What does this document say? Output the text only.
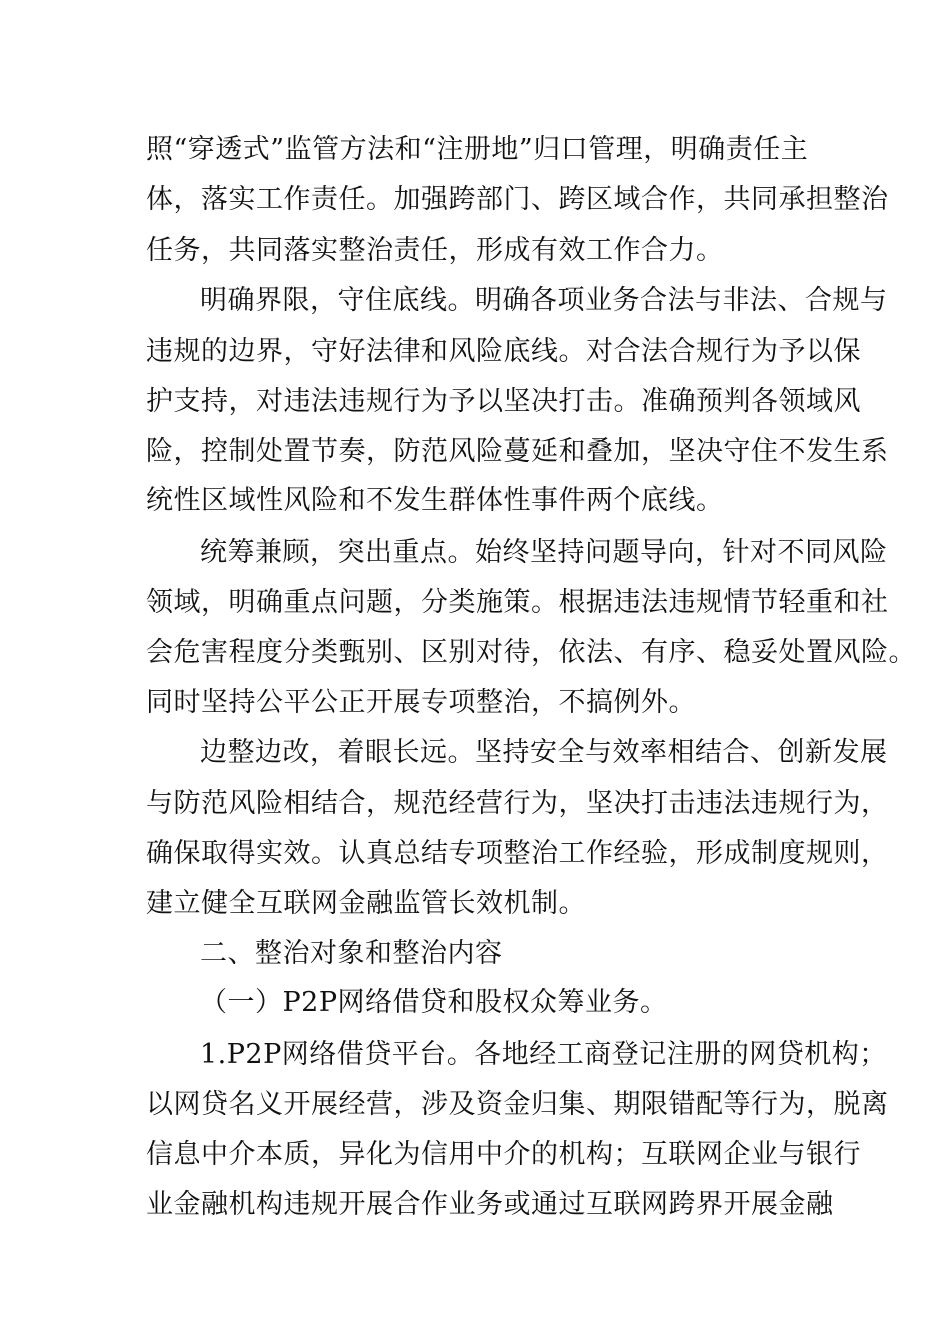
照“穿透式”监管方法和“注册地”归口管理，明确责任主
体，落实工作责任。加强跨部门、跨区域合作，共同承担整治
任务，共同落实整治责任，形成有效工作合力。
明确界限，守住底线。明确各项业务合法与非法、合规与
违规的边界，守好法律和风险底线。对合法合规行为予以保
护支持，对违法违规行为予以坚决打击。准确预判各领域风
险，控制处置节奏，防范风险蔓延和叠加，坚决守住不发生系
统性区域性风险和不发生群体性事件两个底线。
统筹兼顾，突出重点。始终坚持问题导向，针对不同风险
领域，明确重点问题，分类施策。根据违法违规情节轻重和社
会危害程度分类甄别、区别对待，依法、有序、稳妥处置风险。
同时坚持公平公正开展专项整治，不搞例外。
边整边改，着眼长远。坚持安全与效率相结合、创新发展
与防范风险相结合，规范经营行为，坚决打击违法违规行为，
确保取得实效。认真总结专项整治工作经验，形成制度规则，
建立健全互联网金融监管长效机制。
二、整治对象和整治内容
（一）P2P网络借贷和股权众筹业务。
1.P2P网络借贷平台。各地经工商登记注册的网贷机构；
以网贷名义开展经营，涉及资金归集、期限错配等行为，脱离
信息中介本质，异化为信用中介的机构；互联网企业与银行
业金融机构违规开展合作业务或通过互联网跨界开展金融
